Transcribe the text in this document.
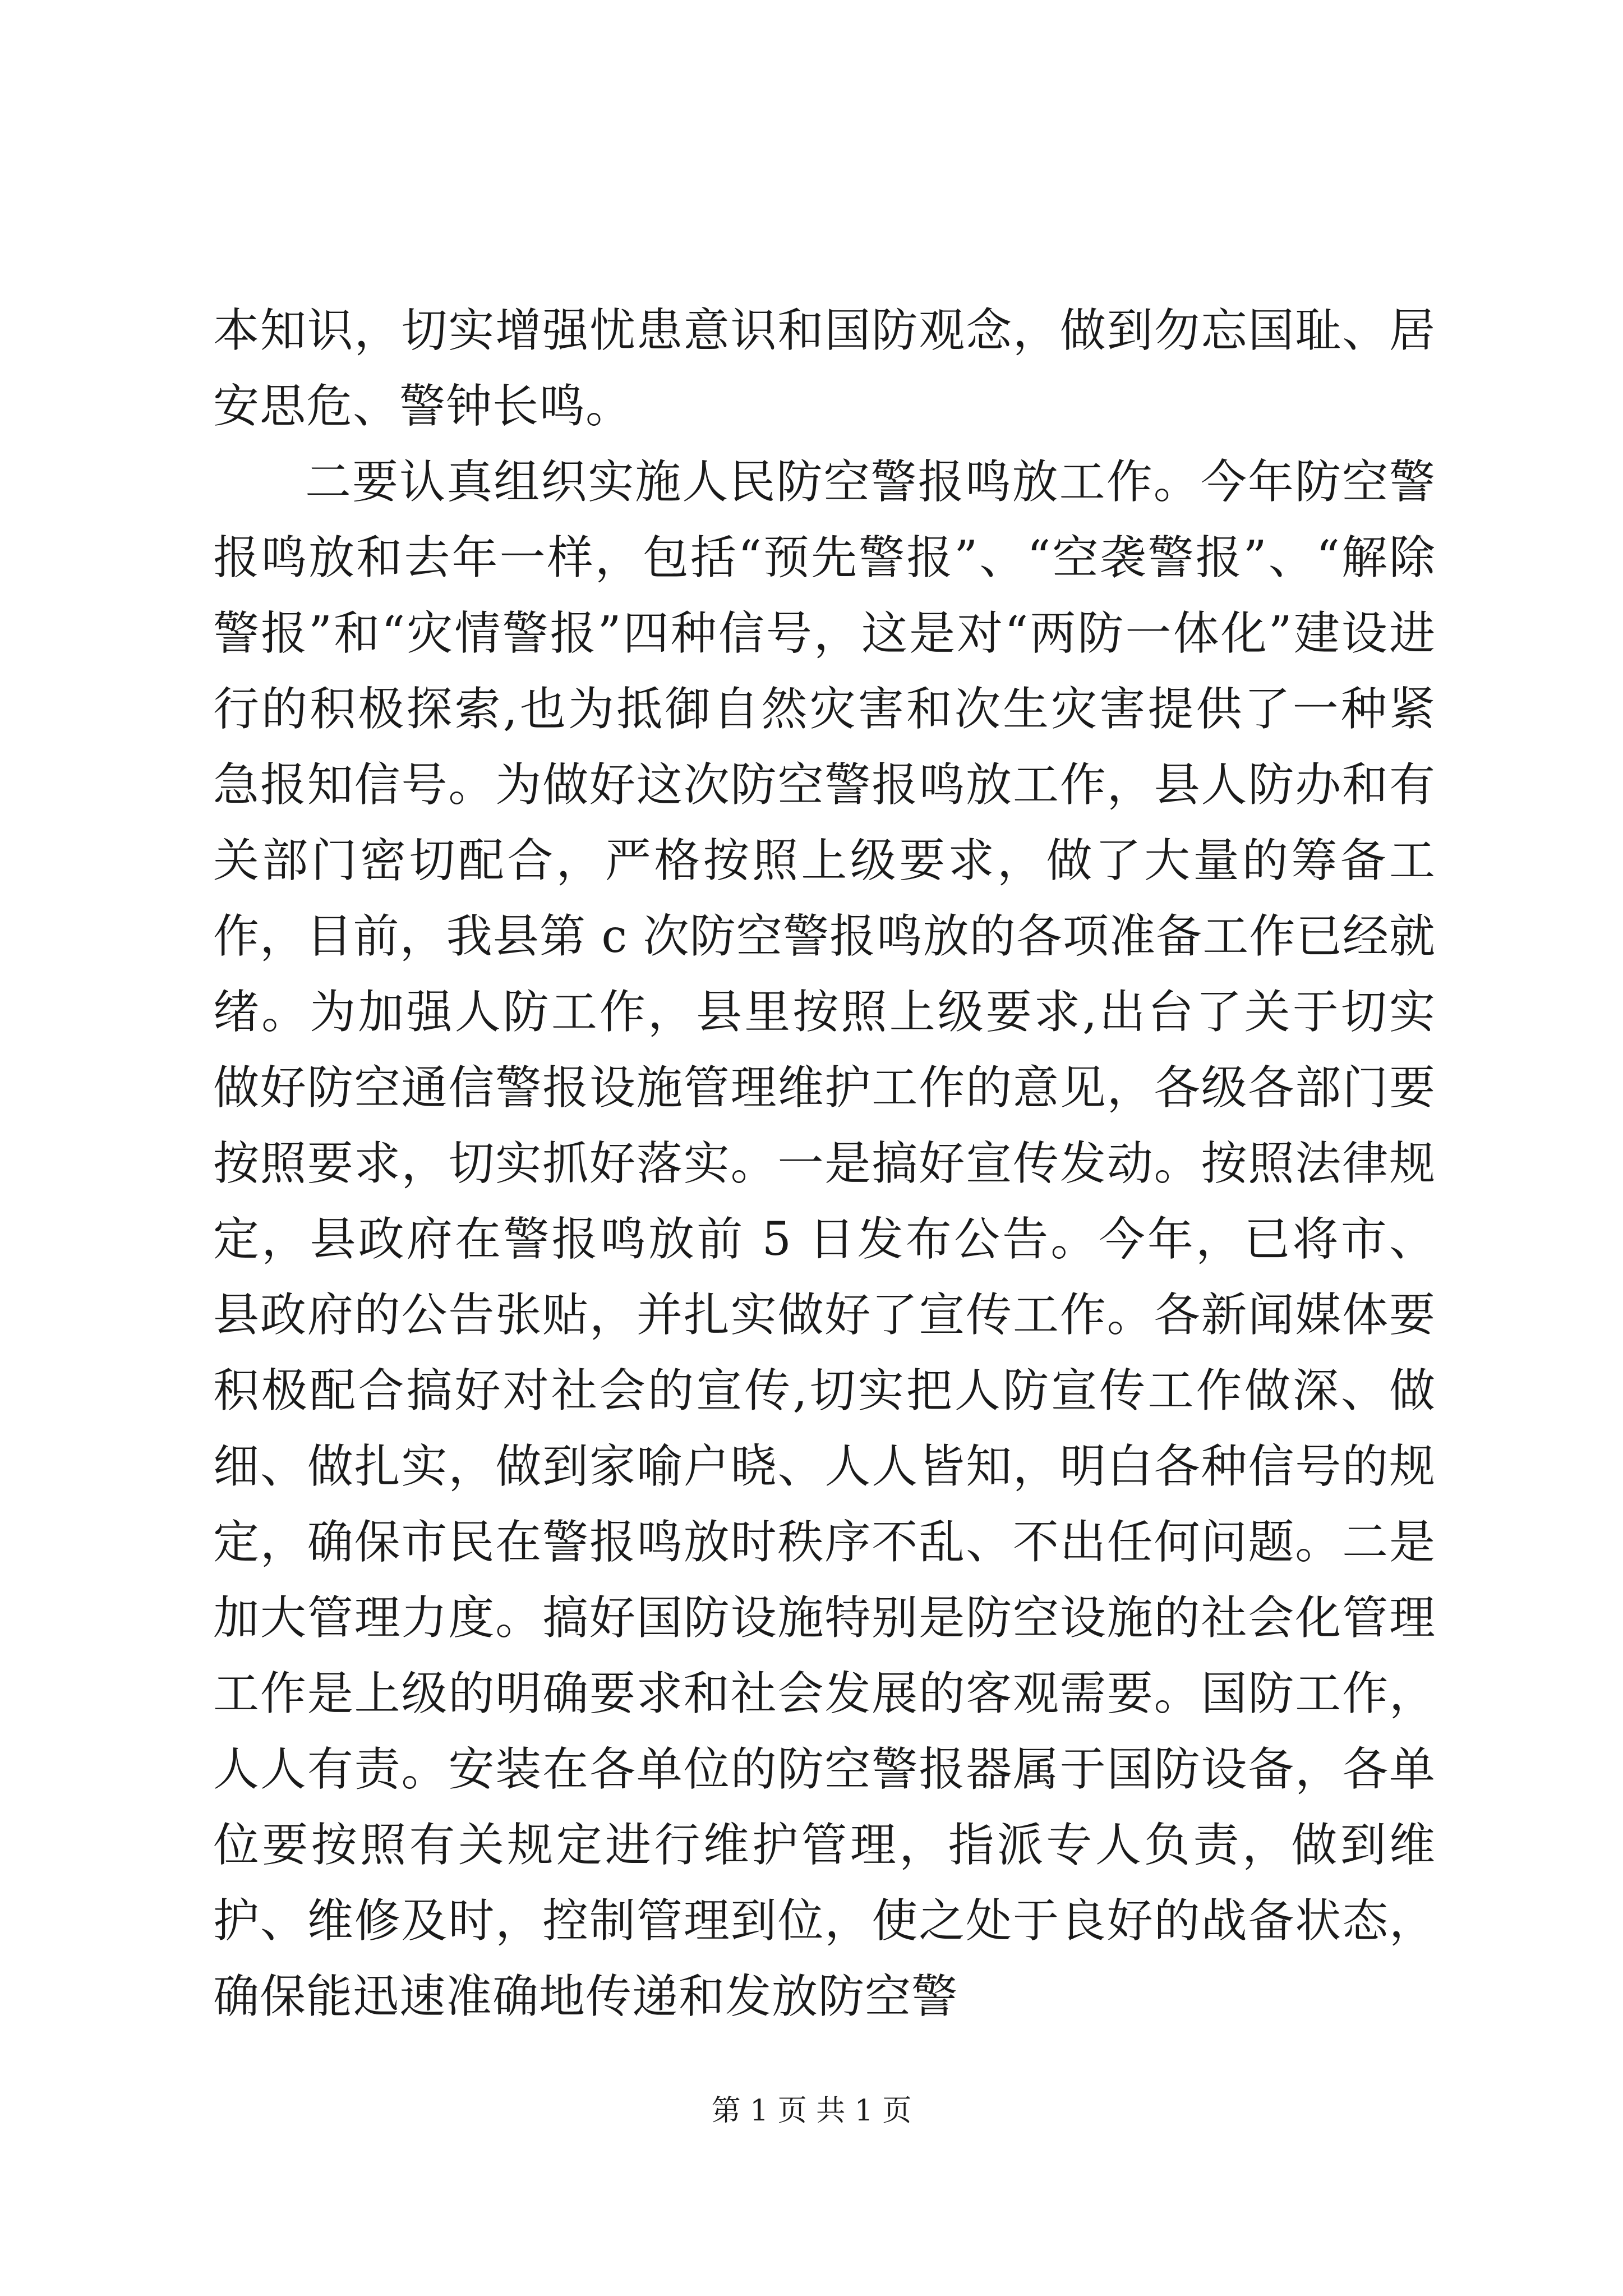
本知识，切实增强忧患意识和国防观念，做到勿忘国耻、居安思危、警钟长鸣。

二要认真组织实施人民防空警报鸣放工作。今年防空警报鸣放和去年一样，包括“预先警报”、“空袭警报”、“解除警报”和“灾情警报”四种信号，这是对“两防一体化”建设进行的积极探索,也为抵御自然灾害和次生灾害提供了一种紧急报知信号。为做好这次防空警报鸣放工作，县人防办和有关部门密切配合，严格按照上级要求，做了大量的筹备工作，目前，我县第 c 次防空警报鸣放的各项准备工作已经就绪。为加强人防工作，县里按照上级要求,出台了关于切实做好防空通信警报设施管理维护工作的意见，各级各部门要按照要求，切实抓好落实。一是搞好宣传发动。按照法律规定，县政府在警报鸣放前 5 日发布公告。今年，已将市、县政府的公告张贴，并扎实做好了宣传工作。各新闻媒体要积极配合搞好对社会的宣传,切实把人防宣传工作做深、做细、做扎实，做到家喻户晓、人人皆知，明白各种信号的规定，确保市民在警报鸣放时秩序不乱、不出任何问题。二是加大管理力度。搞好国防设施特别是防空设施的社会化管理工作是上级的明确要求和社会发展的客观需要。国防工作，人人有责。安装在各单位的防空警报器属于国防设备，各单位要按照有关规定进行维护管理，指派专人负责，做到维护、维修及时，控制管理到位，使之处于良好的战备状态，确保能迅速准确地传递和发放防空警

第 1 页 共 1 页
